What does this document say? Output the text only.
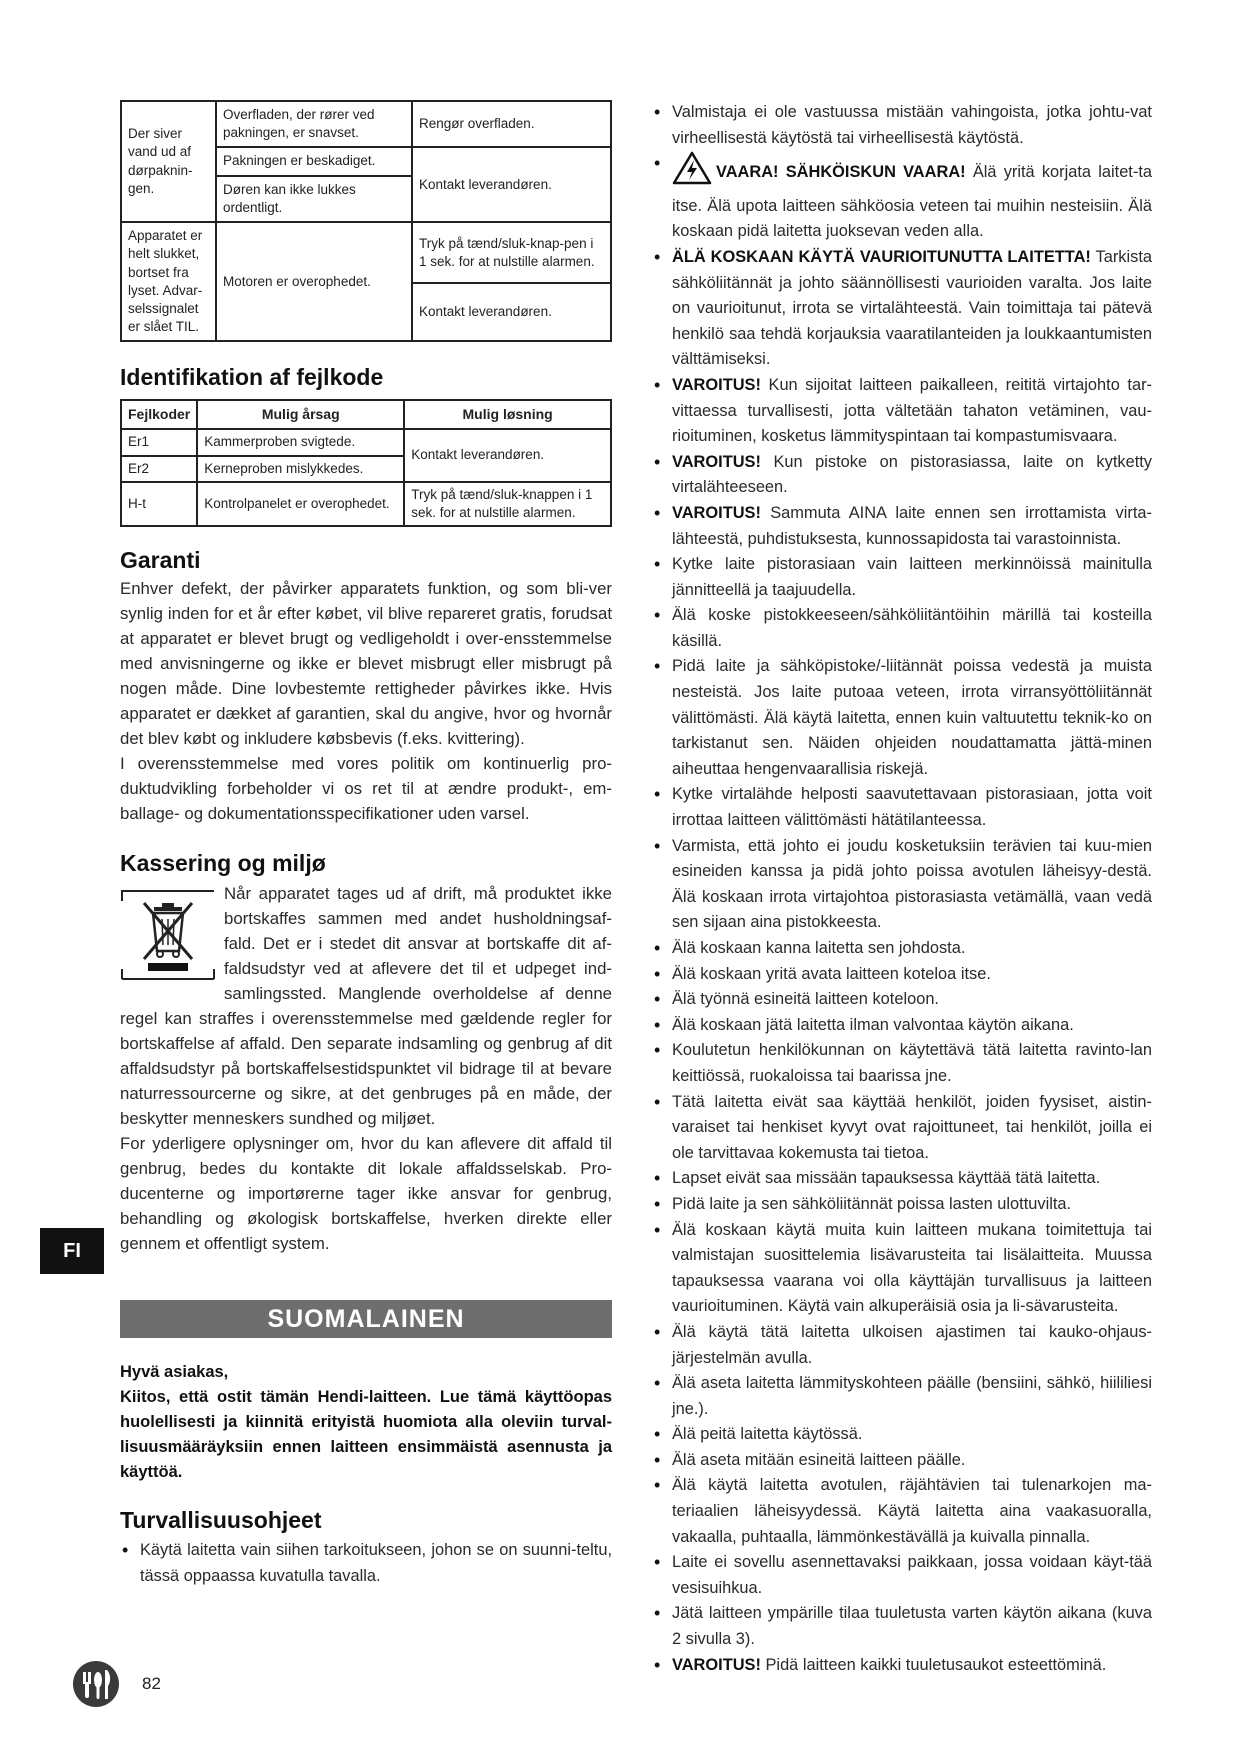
Der siver vand ud af dørpaknin-gen.	Overfladen, der rører ved pakningen, er snavset.	Rengør overfladen.
	Pakningen er beskadiget.	Kontakt leverandøren.
	Døren kan ikke lukkes ordentligt.	
Apparatet er helt slukket, bortset fra lyset. Advar-selssignalet er slået TIL.	Motoren er overophedet.	Tryk på tænd/sluk-knap-pen i 1 sek. for at nulstille alarmen.
		Kontakt leverandøren.
Identifikation af fejlkode
Fejlkoder	Mulig årsag	Mulig løsning
Er1	Kammerproben svigtede.	Kontakt leverandøren.
Er2	Kerneproben mislykkedes.	
H-t	Kontrolpanelet er overophedet.	Tryk på tænd/sluk-knappen i 1 sek. for at nulstille alarmen.
Garanti

Enhver defekt, der påvirker apparatets funktion, og som bli-ver synlig inden for et år efter købet, vil blive repareret gratis, forudsat at apparatet er blevet brugt og vedligeholdt i over-ensstemmelse med anvisningerne og ikke er blevet misbrugt eller misbrugt på nogen måde. Dine lovbestemte rettigheder påvirkes ikke. Hvis apparatet er dækket af garantien, skal du angive, hvor og hvornår det blev købt og inkludere købsbevis (f.eks. kvittering).

I overensstemmelse med vores politik om kontinuerlig pro-duktudvikling forbeholder vi os ret til at ændre produkt-, em-ballage- og dokumentationsspecifikationer uden varsel.

Kassering og miljø

Når apparatet tages ud af drift, må produktet ikke bortskaffes sammen med andet husholdningsaf-fald. Det er i stedet dit ansvar at bortskaffe dit af-faldsudstyr ved at aflevere det til et udpeget ind-samlingssted. Manglende overholdelse af denne regel kan straffes i overensstemmelse med gældende regler for bortskaffelse af affald. Den separate indsamling og genbrug af dit affaldsudstyr på bortskaffelsestidspunktet vil bidrage til at bevare naturressourcerne og sikre, at det genbruges på en måde, der beskytter menneskers sundhed og miljøet.

For yderligere oplysninger om, hvor du kan aflevere dit affald til genbrug, bedes du kontakte dit lokale affaldsselskab. Pro-ducenterne og importørerne tager ikke ansvar for genbrug, behandling og økologisk bortskaffelse, hverken direkte eller gennem et offentligt system.

SUOMALAINEN
Hyvä asiakas,
Kiitos, että ostit tämän Hendi-laitteen. Lue tämä käyttöopas huolellisesti ja kiinnitä erityistä huomiota alla oleviin turval-lisuusmääräyksiin ennen laitteen ensimmäistä asennusta ja käyttöä.
Turvallisuusohjeet
• Käytä laitetta vain siihen tarkoitukseen, johon se on suunni-teltu, tässä oppaassa kuvatulla tavalla.
• Valmistaja ei ole vastuussa mistään vahingoista, jotka johtu-vat virheellisestä käytöstä tai virheellisestä käytöstä.
• VAARA! SÄHKÖISKUN VAARA! Älä yritä korjata laitet-ta itse. Älä upota laitteen sähköosia veteen tai muihin nesteisiin. Älä koskaan pidä laitetta juoksevan veden alla.
• ÄLÄ KOSKAAN KÄYTÄ VAURIOITUNUTTA LAITETTA! Tarkista sähköliitännät ja johto säännöllisesti vaurioiden varalta. Jos laite on vaurioitunut, irrota se virtalähteestä. Vain toimittaja tai pätevä henkilö saa tehdä korjauksia vaaratilanteiden ja loukkaantumisten välttämiseksi.
• VAROITUS! Kun sijoitat laitteen paikalleen, reititä virtajohto tar-vittaessa turvallisesti, jotta vältetään tahaton vetäminen, vau-rioituminen, kosketus lämmityspintaan tai kompastumisvaara.
• VAROITUS! Kun pistoke on pistorasiassa, laite on kytketty virtalähteeseen.
• VAROITUS! Sammuta AINA laite ennen sen irrottamista virta-lähteestä, puhdistuksesta, kunnossapidosta tai varastoinnista.
• Kytke laite pistorasiaan vain laitteen merkinnöissä mainitulla jännitteellä ja taajuudella.
• Älä koske pistokkeeseen/sähköliitäntöihin märillä tai kosteilla käsillä.
• Pidä laite ja sähköpistoke/-liitännät poissa vedestä ja muista nesteistä. Jos laite putoaa veteen, irrota virransyöttöliitännät välittömästi. Älä käytä laitetta, ennen kuin valtuutettu teknik-ko on tarkistanut sen. Näiden ohjeiden noudattamatta jättä-minen aiheuttaa hengenvaarallisia riskejä.
• Kytke virtalähde helposti saavutettavaan pistorasiaan, jotta voit irrottaa laitteen välittömästi hätätilanteessa.
• Varmista, että johto ei joudu kosketuksiin terävien tai kuu-mien esineiden kanssa ja pidä johto poissa avotulen läheisyy-destä. Älä koskaan irrota virtajohtoa pistorasiasta vetämällä, vaan vedä sen sijaan aina pistokkeesta.
• Älä koskaan kanna laitetta sen johdosta.
• Älä koskaan yritä avata laitteen koteloa itse.
• Älä työnnä esineitä laitteen koteloon.
• Älä koskaan jätä laitetta ilman valvontaa käytön aikana.
• Koulutetun henkilökunnan on käytettävä tätä laitetta ravinto-lan keittiössä, ruokaloissa tai baarissa jne.
• Tätä laitetta eivät saa käyttää henkilöt, joiden fyysiset, aistin-varaiset tai henkiset kyvyt ovat rajoittuneet, tai henkilöt, joilla ei ole tarvittavaa kokemusta tai tietoa.
• Lapset eivät saa missään tapauksessa käyttää tätä laitetta.
• Pidä laite ja sen sähköliitännät poissa lasten ulottuvilta.
• Älä koskaan käytä muita kuin laitteen mukana toimitettuja tai valmistajan suosittelemia lisävarusteita tai lisälaitteita. Muussa tapauksessa vaarana voi olla käyttäjän turvallisuus ja laitteen vaurioituminen. Käytä vain alkuperäisiä osia ja li-sävarusteita.
• Älä käytä tätä laitetta ulkoisen ajastimen tai kauko-ohjaus-järjestelmän avulla.
• Älä aseta laitetta lämmityskohteen päälle (bensiini, sähkö, hiililiesi jne.).
• Älä peitä laitetta käytössä.
• Älä aseta mitään esineitä laitteen päälle.
• Älä käytä laitetta avotulen, räjähtävien tai tulenarkojen ma-teriaalien läheisyydessä. Käytä laitetta aina vaakasuoralla, vakaalla, puhtaalla, lämmönkestävällä ja kuivalla pinnalla.
• Laite ei sovellu asennettavaksi paikkaan, jossa voidaan käyt-tää vesisuihkua.
• Jätä laitteen ympärille tilaa tuuletusta varten käytön aikana (kuva 2 sivulla 3).
• VAROITUS! Pidä laitteen kaikki tuuletusaukot esteettöminä.
FI
82
